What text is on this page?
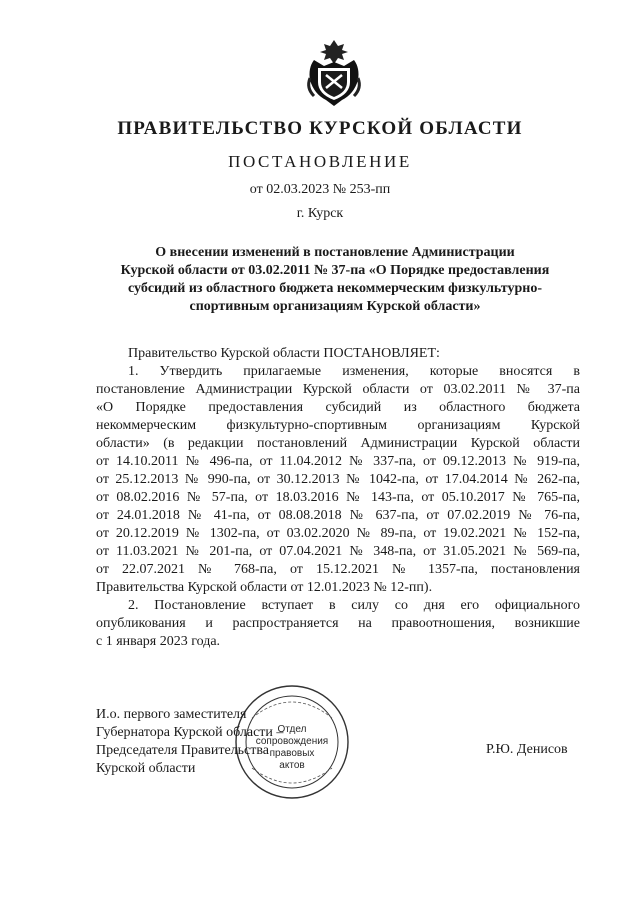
ПРАВИТЕЛЬСТВО КУРСКОЙ ОБЛАСТИ
ПОСТАНОВЛЕНИЕ
от 02.03.2023 № 253-пп
г. Курск
О внесении изменений в постановление Администрации
Курской области от 03.02.2011 № 37-па «О Порядке предоставления
субсидий из областного бюджета некоммерческим физкультурно-
спортивным организациям Курской области»
Правительство Курской области ПОСТАНОВЛЯЕТ:
1. Утвердить прилагаемые изменения, которые вносятся в
постановление Администрации Курской области от 03.02.2011 № 37-па
«О Порядке предоставления субсидий из областного бюджета
некоммерческим физкультурно-спортивным организациям Курской
области» (в редакции постановлений Администрации Курской области
от 14.10.2011 № 496-па, от 11.04.2012 № 337-па, от 09.12.2013 № 919-па,
от 25.12.2013 № 990-па, от 30.12.2013 № 1042-па, от 17.04.2014 № 262-па,
от 08.02.2016 № 57-па, от 18.03.2016 № 143-па, от 05.10.2017 № 765-па,
от 24.01.2018 № 41-па, от 08.08.2018 № 637-па, от 07.02.2019 № 76-па,
от 20.12.2019 № 1302-па, от 03.02.2020 № 89-па, от 19.02.2021 № 152-па,
от 11.03.2021 № 201-па, от 07.04.2021 № 348-па, от 31.05.2021 № 569-па,
от 22.07.2021 № 768-па, от 15.12.2021 № 1357-па, постановления
Правительства Курской области от 12.01.2023 № 12-пп).
2. Постановление вступает в силу со дня его официального
опубликования и распространяется на правоотношения, возникшие
с 1 января 2023 года.
Отдел
сопровождения
правовых
актов
И.о. первого заместителя
Губернатора Курской области –
Председателя Правительства
Курской области
Р.Ю. Денисов
